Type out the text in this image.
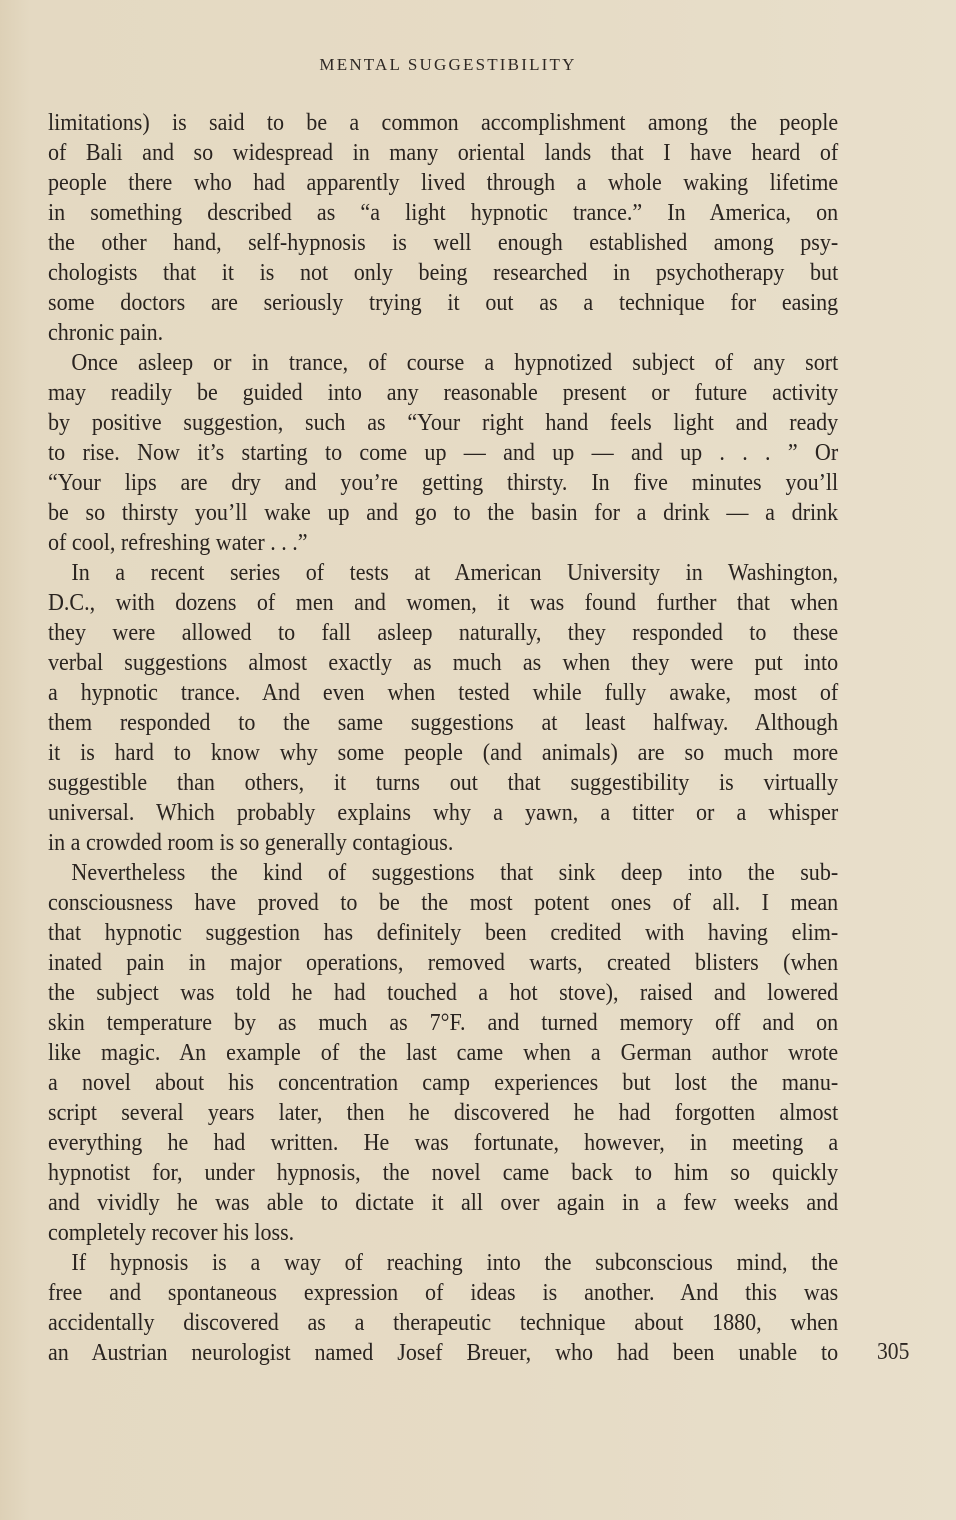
MENTAL SUGGESTIBILITY
limitations) is said to be a common accomplishment among the people
of Bali and so widespread in many oriental lands that I have heard of
people there who had apparently lived through a whole waking lifetime
in something described as “a light hypnotic trance.” In America, on
the other hand, self-hypnosis is well enough established among psy-
chologists that it is not only being researched in psychotherapy but
some doctors are seriously trying it out as a technique for easing
chronic pain.
Once asleep or in trance, of course a hypnotized subject of any sort
may readily be guided into any reasonable present or future activity
by positive suggestion, such as “Your right hand feels light and ready
to rise. Now it’s starting to come up — and up — and up . . . ” Or
“Your lips are dry and you’re getting thirsty. In five minutes you’ll
be so thirsty you’ll wake up and go to the basin for a drink — a drink
of cool, refreshing water . . .”
In a recent series of tests at American University in Washington,
D.C., with dozens of men and women, it was found further that when
they were allowed to fall asleep naturally, they responded to these
verbal suggestions almost exactly as much as when they were put into
a hypnotic trance. And even when tested while fully awake, most of
them responded to the same suggestions at least halfway. Although
it is hard to know why some people (and animals) are so much more
suggestible than others, it turns out that suggestibility is virtually
universal. Which probably explains why a yawn, a titter or a whisper
in a crowded room is so generally contagious.
Nevertheless the kind of suggestions that sink deep into the sub-
consciousness have proved to be the most potent ones of all. I mean
that hypnotic suggestion has definitely been credited with having elim-
inated pain in major operations, removed warts, created blisters (when
the subject was told he had touched a hot stove), raised and lowered
skin temperature by as much as 7°F. and turned memory off and on
like magic. An example of the last came when a German author wrote
a novel about his concentration camp experiences but lost the manu-
script several years later, then he discovered he had forgotten almost
everything he had written. He was fortunate, however, in meeting a
hypnotist for, under hypnosis, the novel came back to him so quickly
and vividly he was able to dictate it all over again in a few weeks and
completely recover his loss.
If hypnosis is a way of reaching into the subconscious mind, the
free and spontaneous expression of ideas is another. And this was
accidentally discovered as a therapeutic technique about 1880, when
an Austrian neurologist named Josef Breuer, who had been unable to 305
